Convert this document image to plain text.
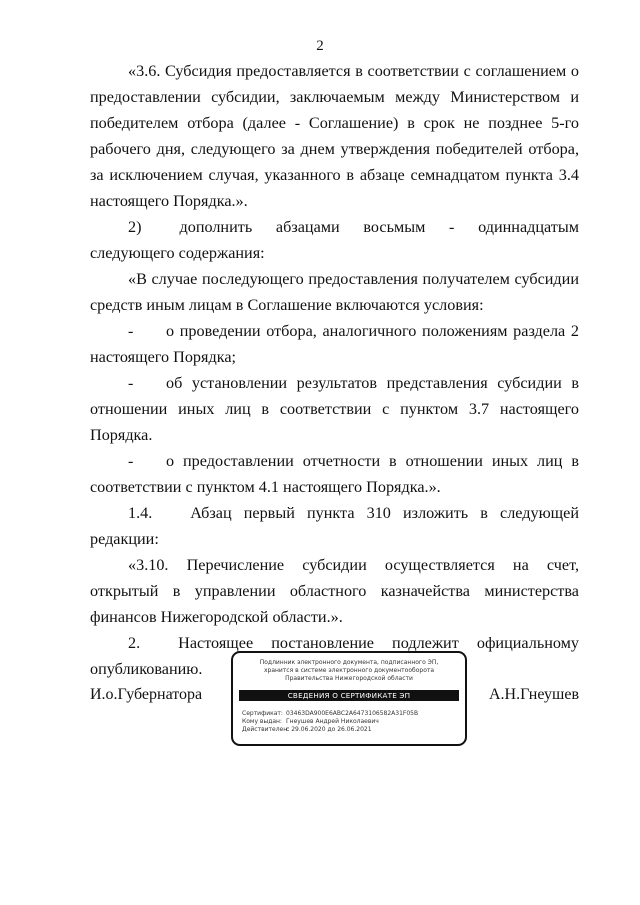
2

«3.6. Субсидия предоставляется в соответствии с соглашением о предоставлении субсидии, заключаемым между Министерством и победителем отбора (далее - Соглашение) в срок не позднее 5-го рабочего дня, следующего за днем утверждения победителей отбора, за исключением случая, указанного в абзаце семнадцатом пункта 3.4 настоящего Порядка.».

2) дополнить абзацами восьмым - одиннадцатым следующего содержания:

«В случае последующего предоставления получателем субсидии средств иным лицам в Соглашение включаются условия:

- о проведении отбора, аналогичного положениям раздела 2 настоящего Порядка;

- об установлении результатов представления субсидии в отношении иных лиц в соответствии с пунктом 3.7 настоящего Порядка.

- о предоставлении отчетности в отношении иных лиц в соответствии с пунктом 4.1 настоящего Порядка.».

1.4. Абзац первый пункта 310 изложить в следующей редакции:

«3.10. Перечисление субсидии осуществляется на счет, открытый в управлении областного казначейства министерства финансов Нижегородской области.».

2. Настоящее постановление подлежит официальному опубликованию.

И.о.Губернатора	А.Н.Гнеушев
Подлинник электронного документа, подписанного ЭП,
хранится в системе электронного документооборота
Правительства Нижегородской области
СВЕДЕНИЯ О СЕРТИФИКАТЕ ЭП
Сертификат: 03463DA900E6ABC2A6473106582A31F05B
Кому выдан: Гнеушев Андрей Николаевич
Действителен:с 29.06.2020 до 26.06.2021
